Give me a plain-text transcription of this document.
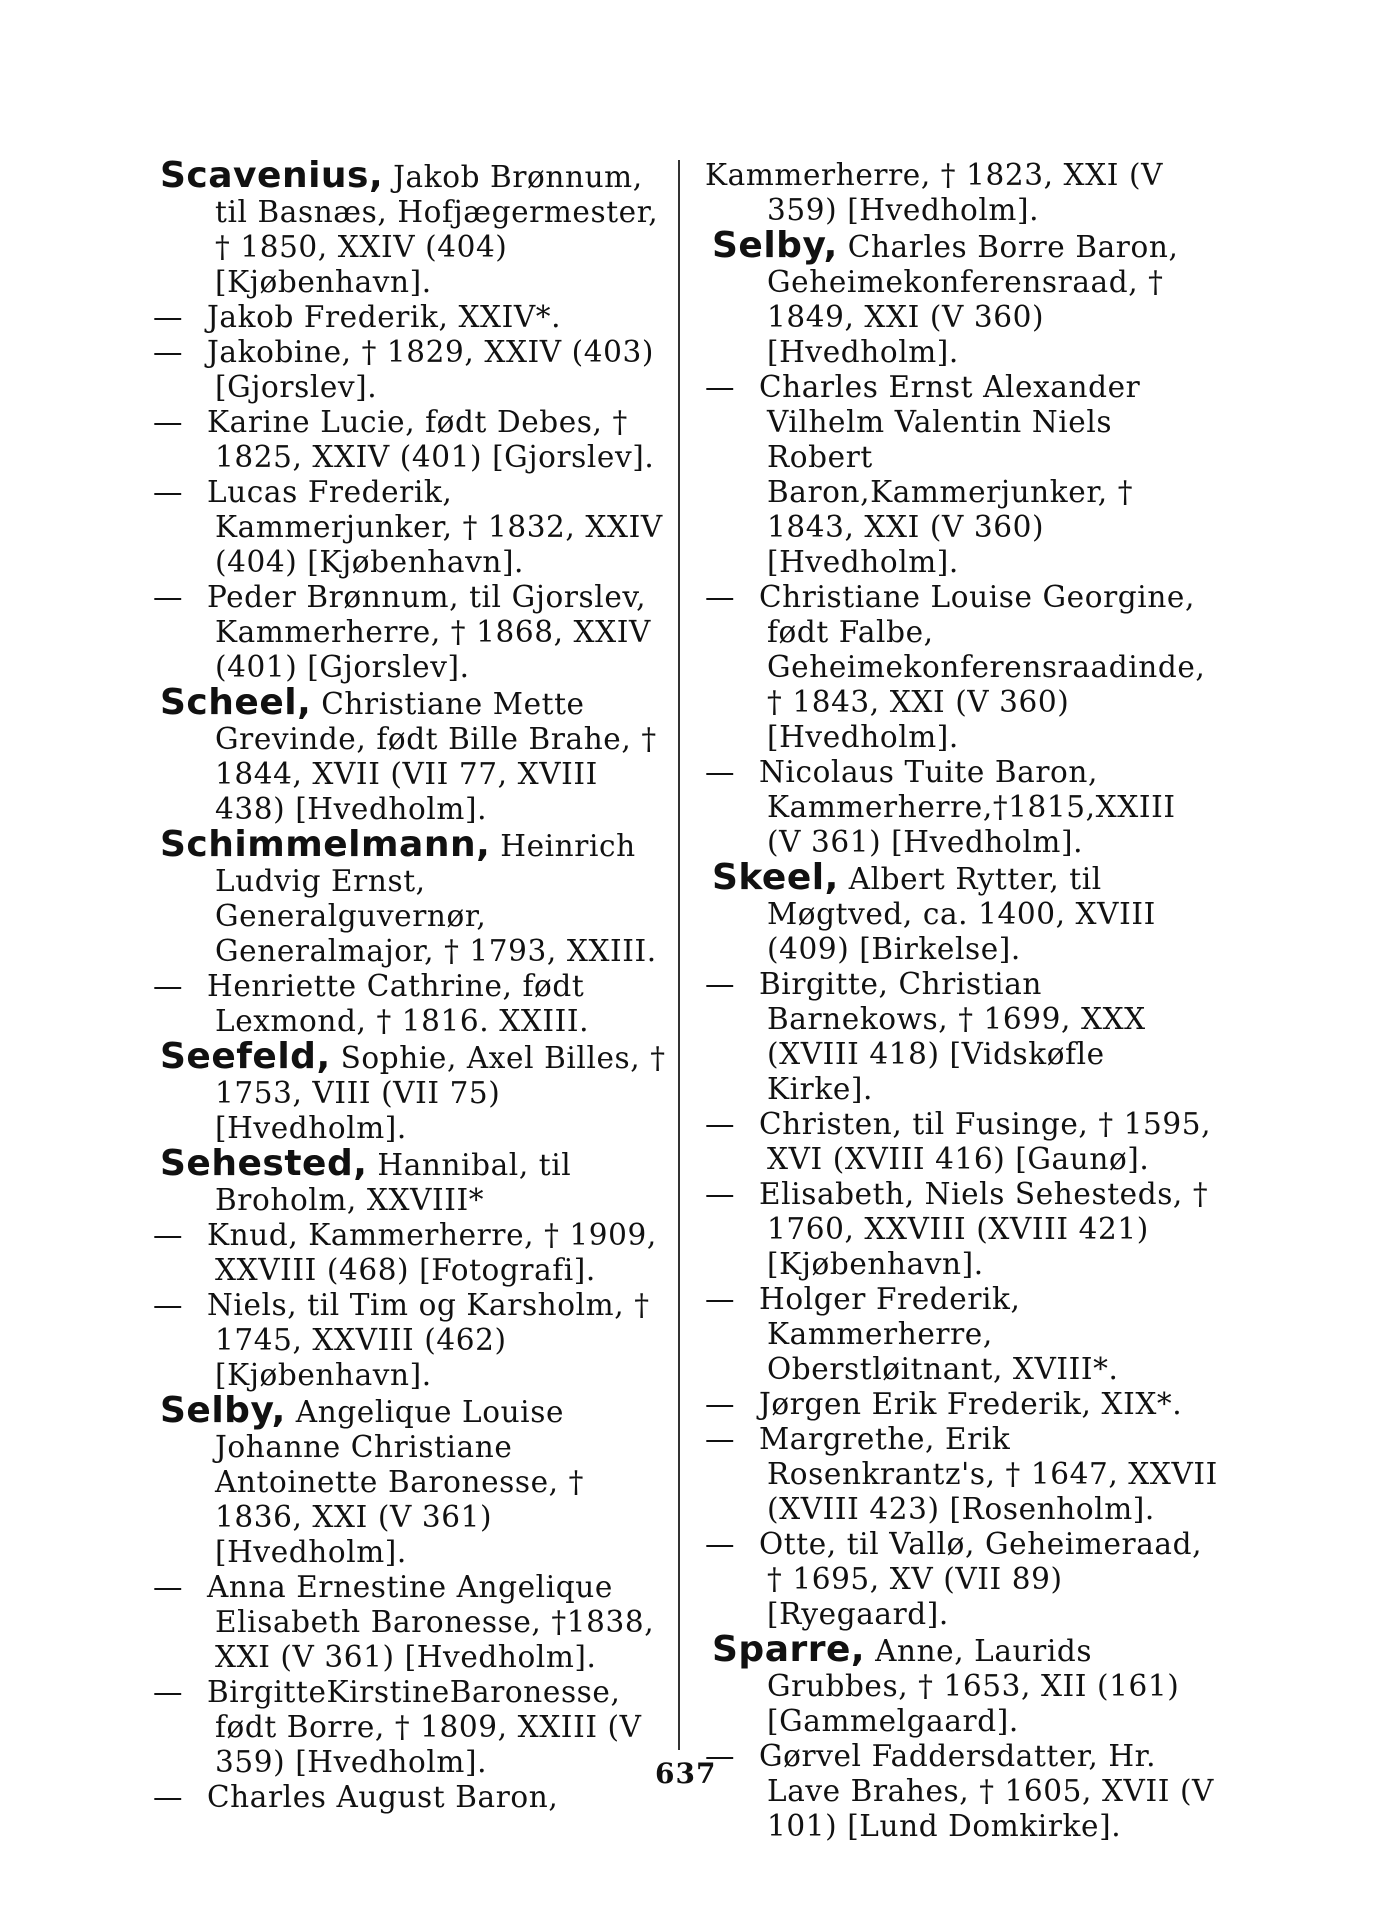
Scavenius, Jakob Brønnum, til Basnæs, Hofjægermester, † 1850, XXIV (404) [Kjøbenhavn].
— Jakob Frederik, XXIV*.
— Jakobine, † 1829, XXIV (403) [Gjorslev].
— Karine Lucie, født Debes, † 1825, XXIV (401) [Gjorslev].
— Lucas Frederik, Kammerjunker, † 1832, XXIV (404) [Kjøbenhavn].
— Peder Brønnum, til Gjorslev, Kammerherre, † 1868, XXIV (401) [Gjorslev].
Scheel, Christiane Mette Grevinde, født Bille Brahe, † 1844, XVII (VII 77, XVIII 438) [Hvedholm].
Schimmelmann, Heinrich Ludvig Ernst, Generalguvernør, Generalmajor, † 1793, XXIII.
— Henriette Cathrine, født Lexmond, † 1816. XXIII.
Seefeld, Sophie, Axel Billes, † 1753, VIII (VII 75) [Hvedholm].
Sehested, Hannibal, til Broholm, XXVIII*
— Knud, Kammerherre, † 1909, XXVIII (468) [Fotografi].
— Niels, til Tim og Karsholm, † 1745, XXVIII (462) [Kjøbenhavn].
Selby, Angelique Louise Johanne Christiane Antoinette Baronesse, † 1836, XXI (V 361) [Hvedholm].
— Anna Ernestine Angelique Elisabeth Baronesse, †1838, XXI (V 361) [Hvedholm].
— BirgitteKirstineBaronesse, født Borre, † 1809, XXIII (V 359) [Hvedholm].
— Charles August Baron,
Kammerherre, † 1823, XXI (V 359) [Hvedholm].
Selby, Charles Borre Baron, Geheimekonferensraad, † 1849, XXI (V 360) [Hvedholm].
— Charles Ernst Alexander Vilhelm Valentin Niels Robert Baron,Kammerjunker, † 1843, XXI (V 360) [Hvedholm].
— Christiane Louise Georgine, født Falbe, Geheimekonferensraadinde, † 1843, XXI (V 360) [Hvedholm].
— Nicolaus Tuite Baron, Kammerherre,†1815,XXIII (V 361) [Hvedholm].
Skeel, Albert Rytter, til Møgtved, ca. 1400, XVIII (409) [Birkelse].
— Birgitte, Christian Barnekows, † 1699, XXX (XVIII 418) [Vidskøfle Kirke].
— Christen, til Fusinge, † 1595, XVI (XVIII 416) [Gaunø].
— Elisabeth, Niels Sehesteds, † 1760, XXVIII (XVIII 421) [Kjøbenhavn].
— Holger Frederik, Kammerherre, Oberstløitnant, XVIII*.
— Jørgen Erik Frederik, XIX*.
— Margrethe, Erik Rosenkrantz's, † 1647, XXVII (XVIII 423) [Rosenholm].
— Otte, til Vallø, Geheimeraad, † 1695, XV (VII 89) [Ryegaard].
Sparre, Anne, Laurids Grubbes, † 1653, XII (161) [Gammelgaard].
— Gørvel Faddersdatter, Hr. Lave Brahes, † 1605, XVII (V 101) [Lund Domkirke].
637
